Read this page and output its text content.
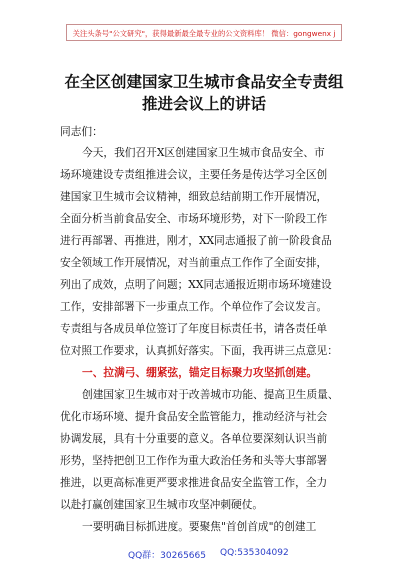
关注头条号"公文研究"，获得最新最全最专业的公文资料库！ 微信：gongwenx j
在全区创建国家卫生城市食品安全专责组
推进会议上的讲话
同志们：
今天，我们召开X区创建国家卫生城市食品安全、市
场环境建设专责组推进会议，主要任务是传达学习全区创
建国家卫生城市会议精神，细致总结前期工作开展情况，
全面分析当前食品安全、市场环境形势，对下一阶段工作
进行再部署、再推进，刚才，XX同志通报了前一阶段食品
安全领域工作开展情况，对当前重点工作作了全面安排，
列出了成效，点明了问题；XX同志通报近期市场环境建设
工作，安排部署下一步重点工作。个单位作了会议发言。
专责组与各成员单位签订了年度目标责任书，请各责任单
位对照工作要求，认真抓好落实。下面，我再讲三点意见：
一、拉满弓、绷紧弦，锚定目标聚力攻坚抓创建。
创建国家卫生城市对于改善城市功能、提高卫生质量、
优化市场环境、提升食品安全监管能力，推动经济与社会
协调发展，具有十分重要的意义。各单位要深刻认识当前
形势，坚持把创卫工作作为重大政治任务和头等大事部署
推进，以更高标准更严要求推进食品安全监管工作，全力
以赴打赢创建国家卫生城市攻坚冲刺硬仗。
一要明确目标抓进度。要聚焦"首创首成"的创建工
QQ群：30265665 QQ:535304092
